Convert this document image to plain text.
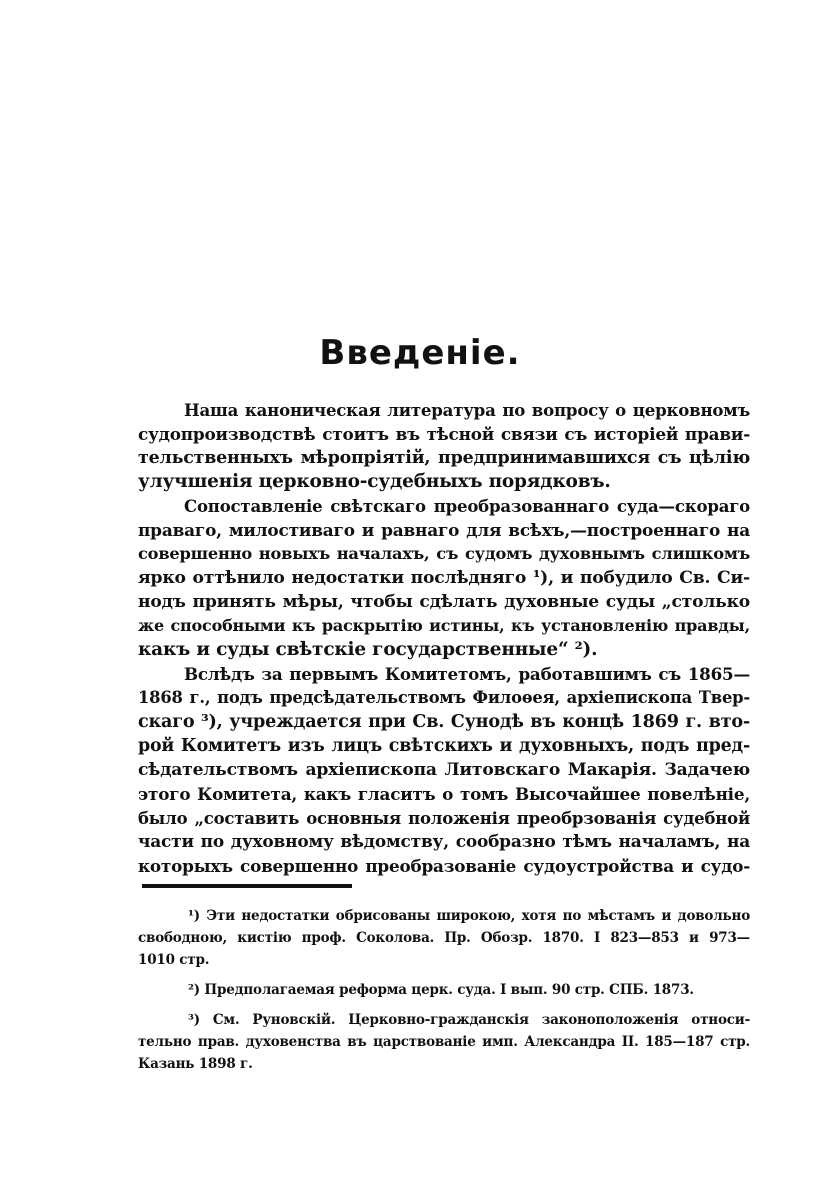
Введеніе.
Наша каноническая литература по вопросу о церковномъ
судопроизводствѣ стоитъ въ тѣсной связи съ исторіей прави-
тельственныхъ мѣропріятій, предпринимавшихся съ цѣлію
улучшенія церковно-судебныхъ порядковъ.
Сопоставленіе свѣтскаго преобразованнаго суда—скораго
праваго, милостиваго и равнаго для всѣхъ,—построеннаго на
совершенно новыхъ началахъ, съ судомъ духовнымъ слишкомъ
ярко оттѣнило недостатки послѣдняго ¹), и побудило Св. Си-
нодъ принять мѣры, чтобы сдѣлать духовные суды „столько
же способными къ раскрытію истины, къ установленію правды,
какъ и суды свѣтскіе государственные“ ²).
Вслѣдъ за первымъ Комитетомъ, работавшимъ съ 1865—
1868 г., подъ предсѣдательствомъ Филоѳея, архіепископа Твер-
скаго ³), учреждается при Св. Сунодѣ въ концѣ 1869 г. вто-
рой Комитетъ изъ лицъ свѣтскихъ и духовныхъ, подъ пред-
сѣдательствомъ архіепископа Литовскаго Макарія. Задачею
этого Комитета, какъ гласитъ о томъ Высочайшее повелѣніе,
было „составить основныя положенія преобрзованія судебной
части по духовному вѣдомству, сообразно тѣмъ началамъ, на
которыхъ совершенно преобразованіе судоустройства и судо-
¹) Эти недостатки обрисованы широкою, хотя по мѣстамъ и довольно
свободною, кистію проф. Соколова. Пр. Обозр. 1870. I 823—853 и 973—
1010 стр.
²) Предполагаемая реформа церк. суда. I вып. 90 стр. СПБ. 1873.
³) См. Руновскій. Церковно-гражданскія законоположенія относи-
тельно прав. духовенства въ царствованіе имп. Александра II. 185—187 стр.
Казань 1898 г.
